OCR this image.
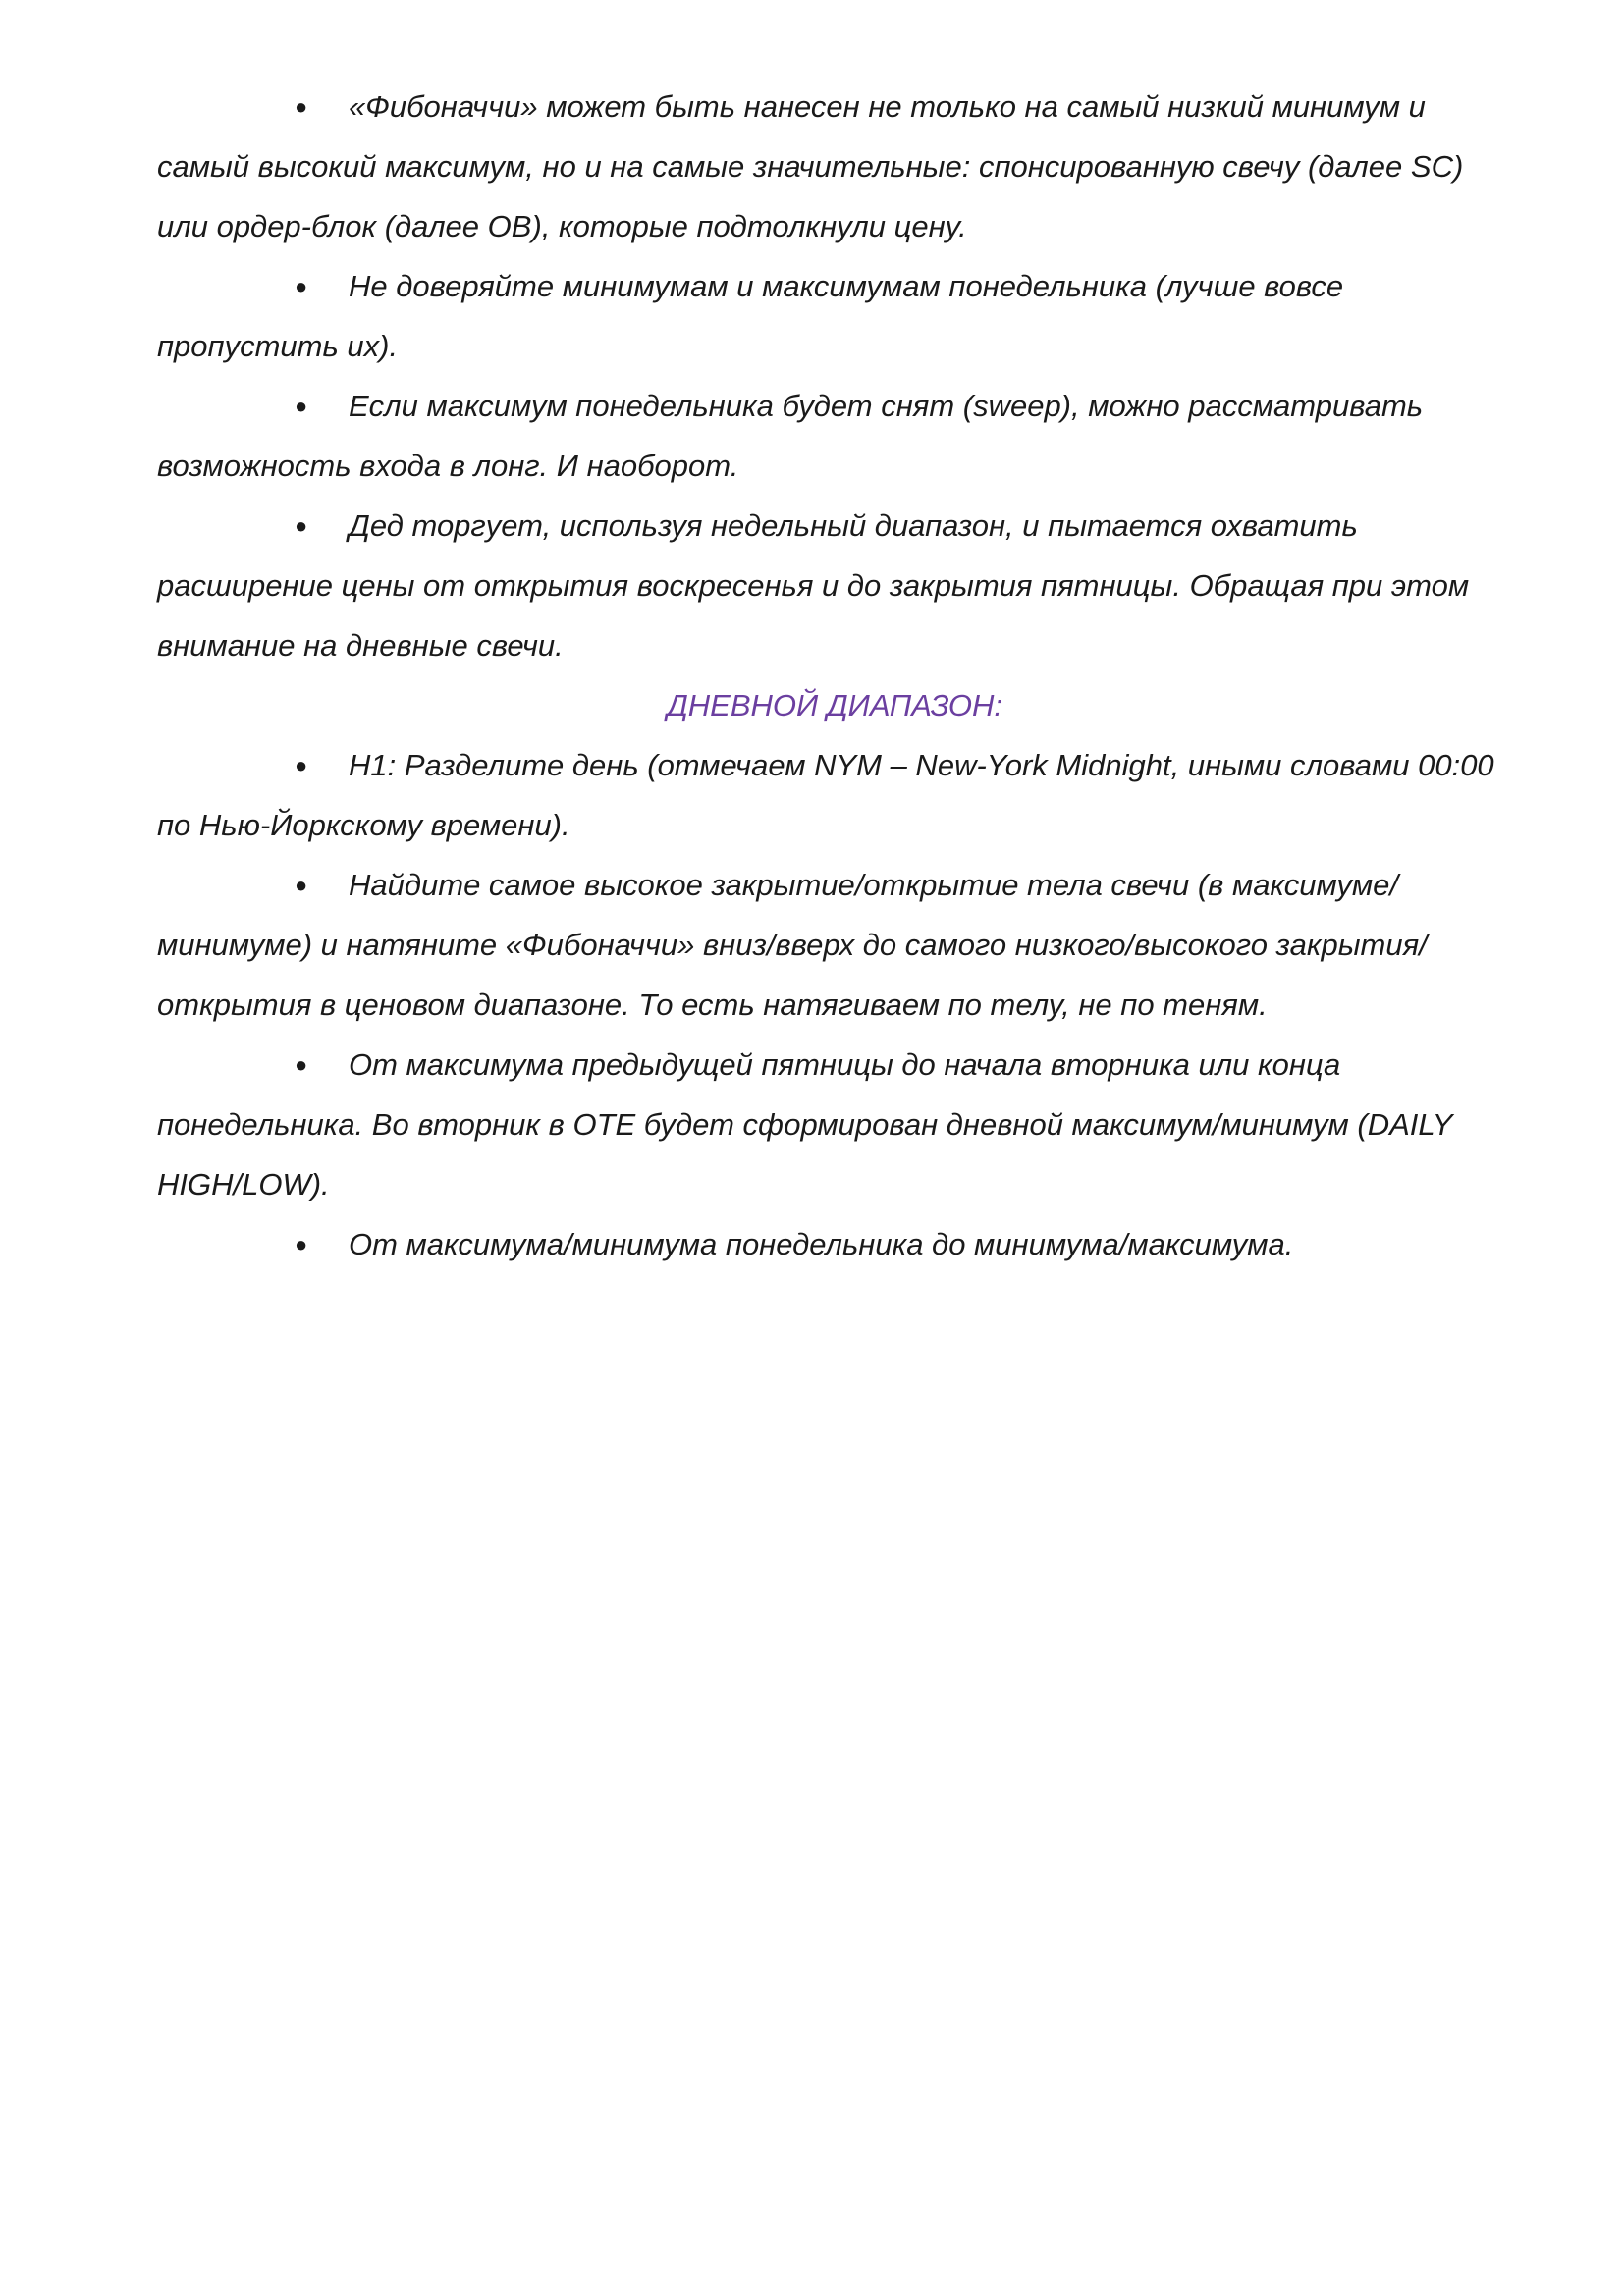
● «Фибоначчи» может быть нанесен не только на самый низкий минимум и самый высокий максимум, но и на самые значительные: спонсированную свечу (далее SC) или ордер-блок (далее OB), которые подтолкнули цену.

● Не доверяйте минимумам и максимумам понедельника (лучше вовсе пропустить их).

● Если максимум понедельника будет снят (sweep), можно рассматривать возможность входа в лонг. И наоборот.

● Дед торгует, используя недельный диапазон, и пытается охватить расширение цены от открытия воскресенья и до закрытия пятницы. Обращая при этом внимание на дневные свечи.

ДНЕВНОЙ ДИАПАЗОН:

● H1: Разделите день (отмечаем NYM – New-York Midnight, иными словами 00:00 по Нью-Йоркскому времени).

● Найдите самое высокое закрытие/открытие тела свечи (в максимуме/минимуме) и натяните «Фибоначчи» вниз/вверх до самого низкого/высокого закрытия/открытия в ценовом диапазоне. То есть натягиваем по телу, не по теням.

● От максимума предыдущей пятницы до начала вторника или конца понедельника. Во вторник в OTE будет сформирован дневной максимум/минимум (DAILY HIGH/LOW).

● От максимума/минимума понедельника до минимума/максимума.
